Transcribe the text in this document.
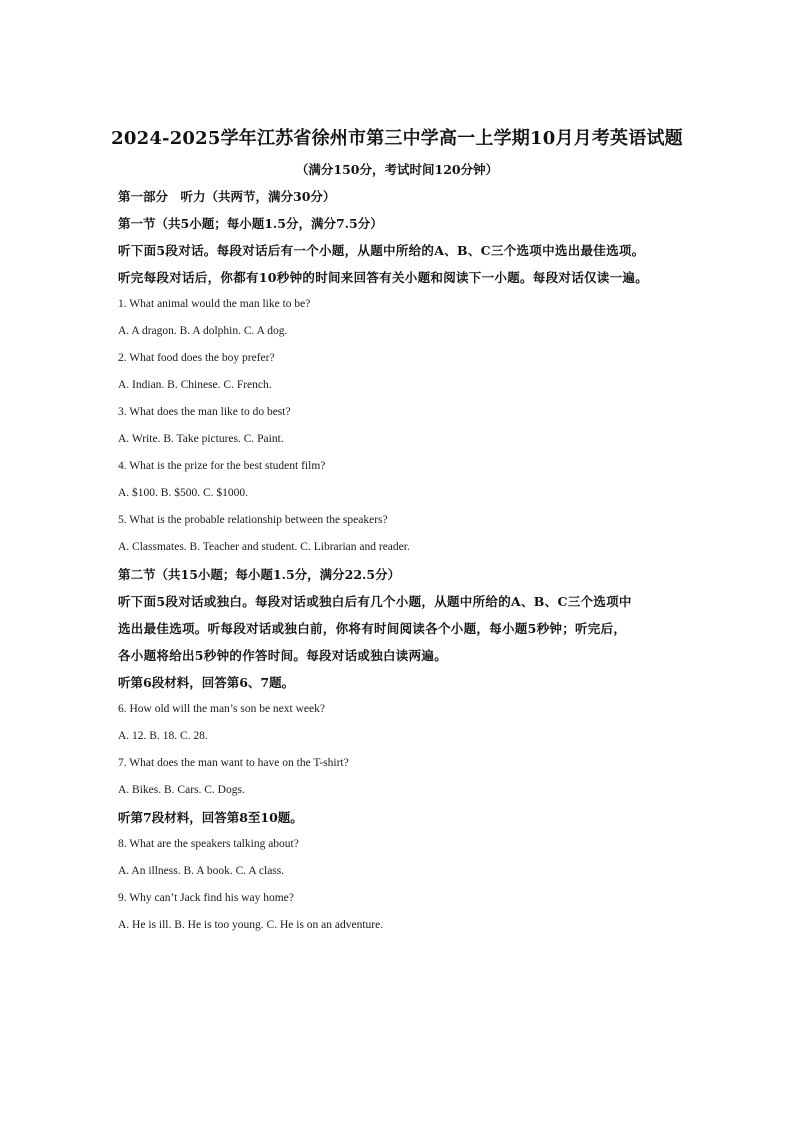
2024-2025学年江苏省徐州市第三中学高一上学期10月月考英语试题
（满分150分，考试时间120分钟）
第一部分　听力（共两节，满分30分）
第一节（共5小题；每小题1.5分，满分7.5分）
听下面5段对话。每段对话后有一个小题，从题中所给的A、B、C三个选项中选出最佳选项。
听完每段对话后，你都有10秒钟的时间来回答有关小题和阅读下一小题。每段对话仅读一遍。
1. What animal would the man like to be?
A. A dragon. B. A dolphin. C. A dog.
2. What food does the boy prefer?
A. Indian. B. Chinese. C. French.
3. What does the man like to do best?
A. Write. B. Take pictures. C. Paint.
4. What is the prize for the best student film?
A. $100. B. $500. C. $1000.
5. What is the probable relationship between the speakers?
A. Classmates. B. Teacher and student. C. Librarian and reader.
第二节（共15小题；每小题1.5分，满分22.5分）
听下面5段对话或独白。每段对话或独白后有几个小题，从题中所给的A、B、C三个选项中
选出最佳选项。听每段对话或独白前，你将有时间阅读各个小题，每小题5秒钟；听完后，
各小题将给出5秒钟的作答时间。每段对话或独白读两遍。
听第6段材料，回答第6、7题。
6. How old will the man’s son be next week?
A. 12. B. 18. C. 28.
7. What does the man want to have on the T-shirt?
A. Bikes. B. Cars. C. Dogs.
听第7段材料，回答第8至10题。
8. What are the speakers talking about?
A. An illness. B. A book. C. A class.
9. Why can’t Jack find his way home?
A. He is ill. B. He is too young. C. He is on an adventure.
